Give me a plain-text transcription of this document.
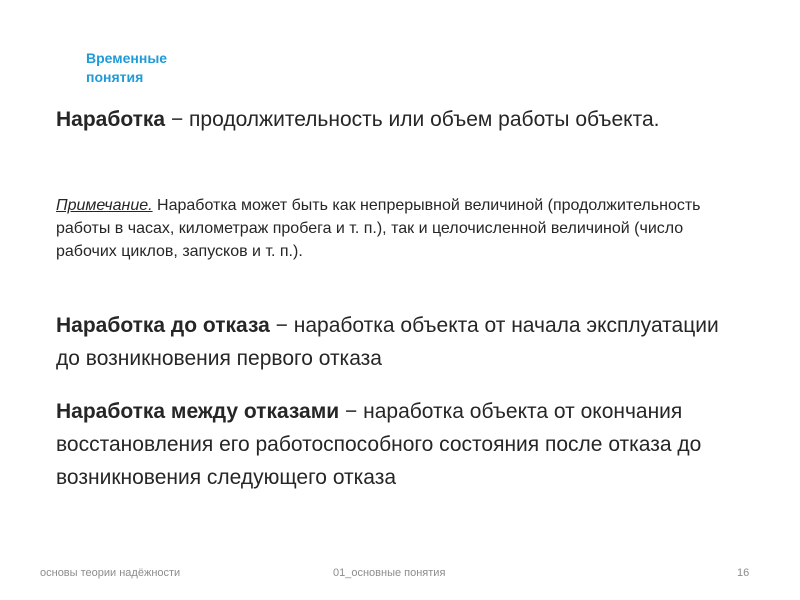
Временные понятия

Наработка − продолжительность или объем работы объекта.

Примечание. Наработка может быть как непрерывной величиной (продолжительность работы в часах, километраж пробега и т. п.), так и целочисленной величиной (число рабочих циклов, запусков и т. п.).

Наработка до отказа − наработка объекта от начала эксплуатации до возникновения первого отказа

Наработка между отказами − наработка объекта от окончания восстановления его работоспособного состояния после отказа до возникновения следующего отказа

основы теории надёжности	01_основные понятия	16
